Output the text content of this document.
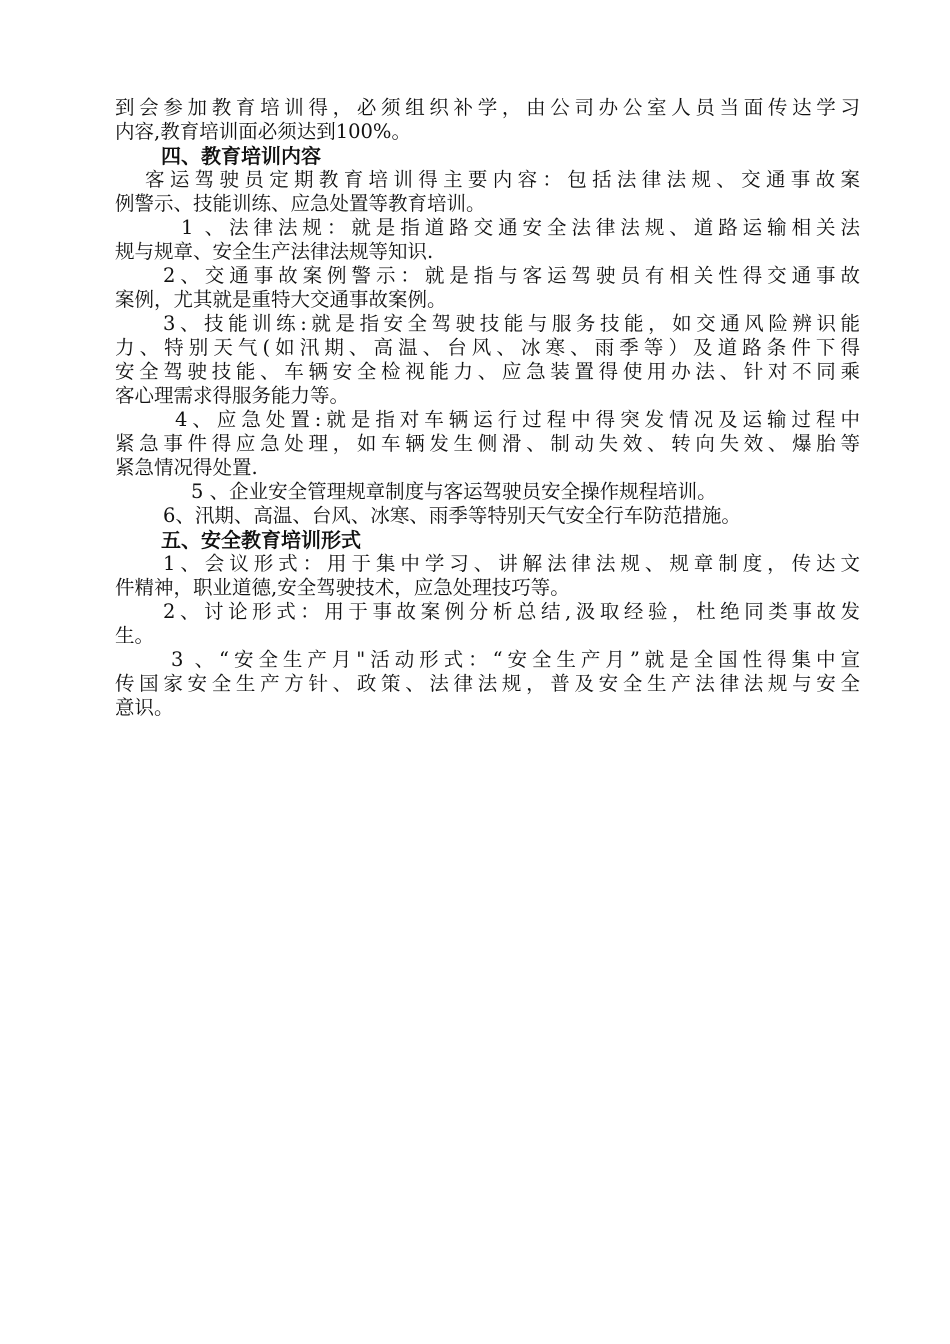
到会参加教育培训得，必须组织补学，由公司办公室人员当面传达学习
内容,教育培训面必须达到100%。
四、教育培训内容
客运驾驶员定期教育培训得主要内容：包括法律法规、交通事故案
例警示、技能训练、应急处置等教育培训。
1 、法律法规：就是指道路交通安全法律法规、道路运输相关法
规与规章、安全生产法律法规等知识.
2、交通事故案例警示：就是指与客运驾驶员有相关性得交通事故
案例，尤其就是重特大交通事故案例。
3、技能训练:就是指安全驾驶技能与服务技能，如交通风险辨识能
力、特别天气(如汛期、高温、台风、冰寒、雨季等）及道路条件下得
安全驾驶技能、车辆安全检视能力、应急装置得使用办法、针对不同乘
客心理需求得服务能力等。
4、应急处置:就是指对车辆运行过程中得突发情况及运输过程中
紧急事件得应急处理，如车辆发生侧滑、制动失效、转向失效、爆胎等
紧急情况得处置.
5 、企业安全管理规章制度与客运驾驶员安全操作规程培训。
6、汛期、高温、台风、冰寒、雨季等特别天气安全行车防范措施。
五、安全教育培训形式
1、会议形式：用于集中学习、讲解法律法规、规章制度，传达文
件精神，职业道德,安全驾驶技术，应急处理技巧等。
2、讨论形式：用于事故案例分析总结,汲取经验，杜绝同类事故发
生。
3 、“安全生产月"活动形式：“安全生产月”就是全国性得集中宣
传国家安全生产方针、政策、法律法规，普及安全生产法律法规与安全
意识。
